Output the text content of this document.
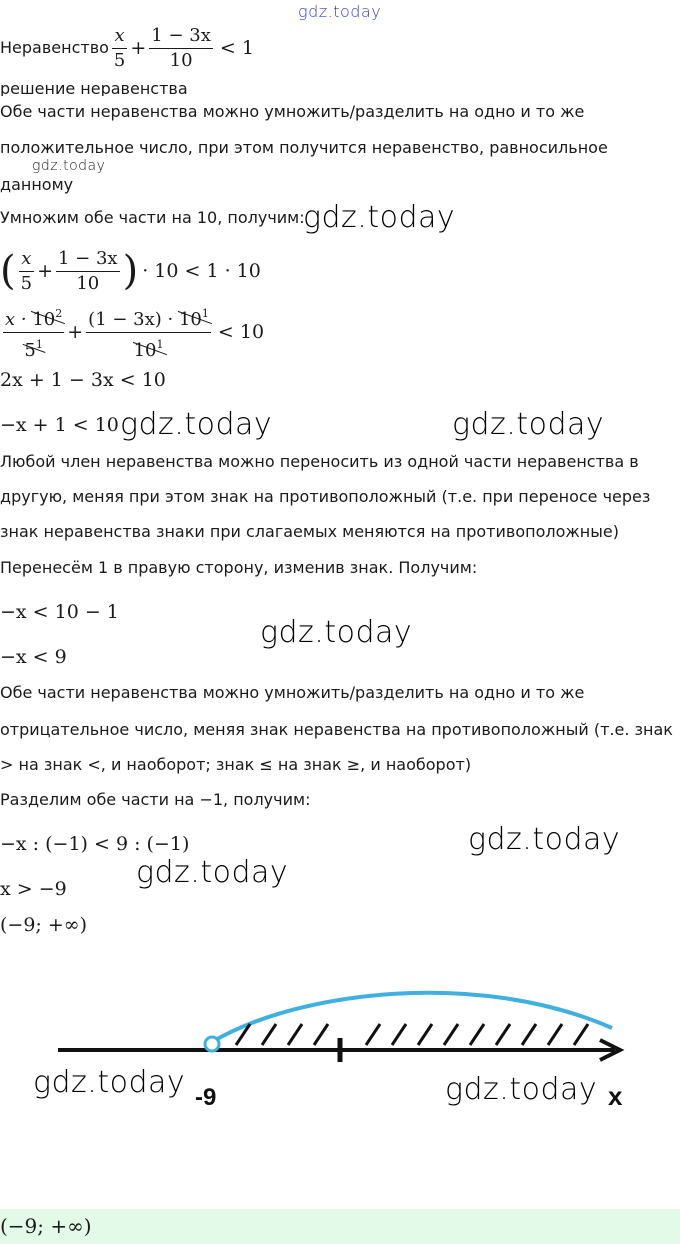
gdz.today
Неравенство $\frac{x}{5} + \frac{1 - 3x}{10} < 1$
решение неравенства
Обе части неравенства можно умножить/разделить на одно и то же
положительное число, при этом получится неравенство, равносильное
gdz.today
данному
Умножим обе части на 10, получим:
gdz.today
( $\frac{x}{5} + \frac{1 - 3x}{10}$ ) · 10 < 1 · 10
$\frac{x \cdot 10^2}{5^1} + \frac{(1 - 3x) \cdot 10^1}{10^1} < 10$
2x + 1 − 3x < 10
−x + 1 < 10 gdz.today	gdz.today
Любой член неравенства можно переносить из одной части неравенства в
другую, меняя при этом знак на противоположный (т.е. при переносе через
знак неравенства знаки при слагаемых меняются на противоположные)
Перенесём 1 в правую сторону, изменив знак. Получим:
−x < 10 − 1
gdz.today
−x < 9
Обе части неравенства можно умножить/разделить на одно и то же
отрицательное число, меняя знак неравенства на противоположный (т.е. знак
> на знак <, и наоборот; знак ≤ на знак ≥, и наоборот)
Разделим обе части на −1, получим:
−x : (−1) < 9 : (−1)	gdz.today
gdz.today
x > −9
(−9; +∞)
-9	x
gdz.today	gdz.today
(−9; +∞)
